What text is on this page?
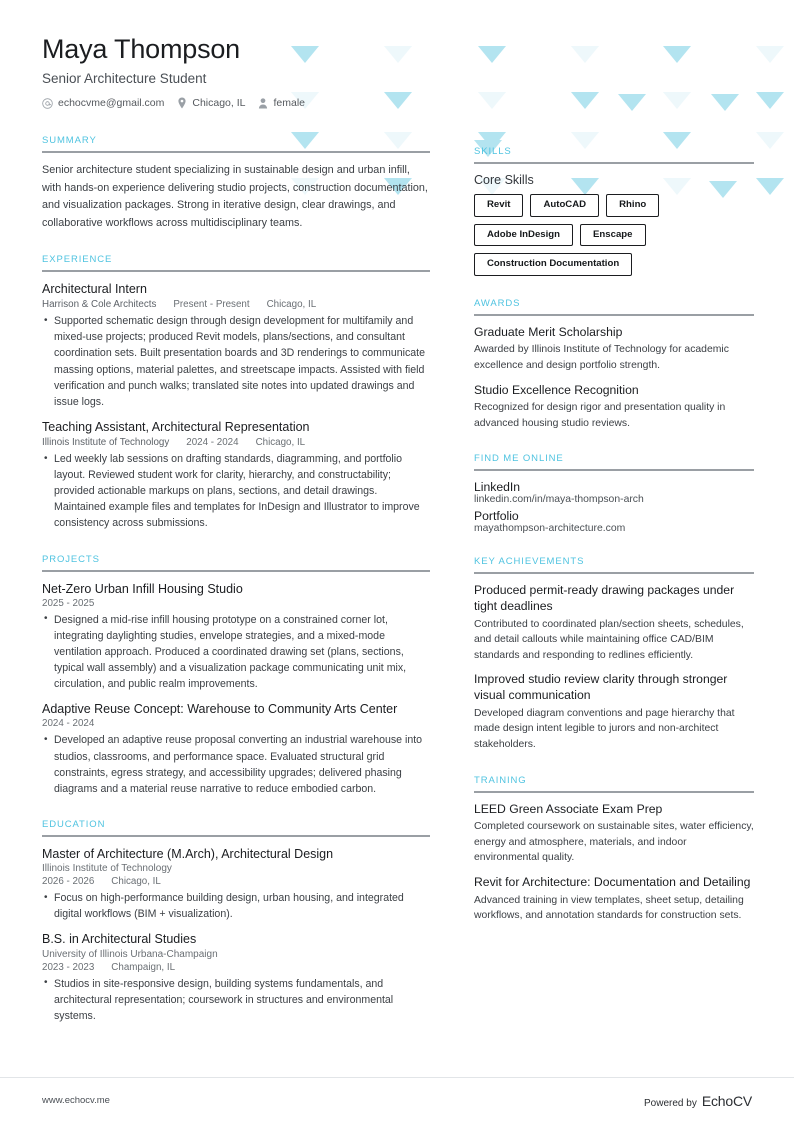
Maya Thompson
Senior Architecture Student
echocvme@gmail.com	Chicago, IL	female
SUMMARY
Senior architecture student specializing in sustainable design and urban infill, with hands-on experience delivering studio projects, construction documentation, and visualization packages. Strong in iterative design, clear drawings, and collaborative workflows across multidisciplinary teams.
EXPERIENCE
Architectural Intern
Harrison & Cole Architects Present - Present Chicago, IL
• Supported schematic design through design development for multifamily and mixed-use projects; produced Revit models, plans/sections, and consultant coordination sets. Built presentation boards and 3D renderings to communicate massing options, material palettes, and streetscape impacts. Assisted with field verification and punch walks; translated site notes into updated drawings and issue logs.
Teaching Assistant, Architectural Representation
Illinois Institute of Technology 2024 - 2024 Chicago, IL
• Led weekly lab sessions on drafting standards, diagramming, and portfolio layout. Reviewed student work for clarity, hierarchy, and constructability; provided actionable markups on plans, sections, and detail drawings. Maintained example files and templates for InDesign and Illustrator to improve consistency across submissions.
PROJECTS
Net-Zero Urban Infill Housing Studio
2025 - 2025
• Designed a mid-rise infill housing prototype on a constrained corner lot, integrating daylighting studies, envelope strategies, and a mixed-mode ventilation approach. Produced a coordinated drawing set (plans, sections, typical wall assembly) and a visualization package communicating unit mix, circulation, and public realm improvements.
Adaptive Reuse Concept: Warehouse to Community Arts Center
2024 - 2024
• Developed an adaptive reuse proposal converting an industrial warehouse into studios, classrooms, and performance space. Evaluated structural grid constraints, egress strategy, and accessibility upgrades; delivered phasing diagrams and a material reuse narrative to reduce embodied carbon.
EDUCATION
Master of Architecture (M.Arch), Architectural Design
Illinois Institute of Technology
2026 - 2026 Chicago, IL
• Focus on high-performance building design, urban housing, and integrated digital workflows (BIM + visualization).
B.S. in Architectural Studies
University of Illinois Urbana-Champaign
2023 - 2023 Champaign, IL
• Studios in site-responsive design, building systems fundamentals, and architectural representation; coursework in structures and environmental systems.
SKILLS
Core Skills
Revit	AutoCAD	Rhino
Adobe InDesign	Enscape
Construction Documentation
AWARDS
Graduate Merit Scholarship
Awarded by Illinois Institute of Technology for academic excellence and design portfolio strength.
Studio Excellence Recognition
Recognized for design rigor and presentation quality in advanced housing studio reviews.
FIND ME ONLINE
LinkedIn
linkedin.com/in/maya-thompson-arch
Portfolio
mayathompson-architecture.com
KEY ACHIEVEMENTS
Produced permit-ready drawing packages under tight deadlines
Contributed to coordinated plan/section sheets, schedules, and detail callouts while maintaining office CAD/BIM standards and responding to redlines efficiently.
Improved studio review clarity through stronger visual communication
Developed diagram conventions and page hierarchy that made design intent legible to jurors and non-architect stakeholders.
TRAINING
LEED Green Associate Exam Prep
Completed coursework on sustainable sites, water efficiency, energy and atmosphere, materials, and indoor environmental quality.
Revit for Architecture: Documentation and Detailing
Advanced training in view templates, sheet setup, detailing workflows, and annotation standards for construction sets.
www.echocv.me	Powered by EchoCV
